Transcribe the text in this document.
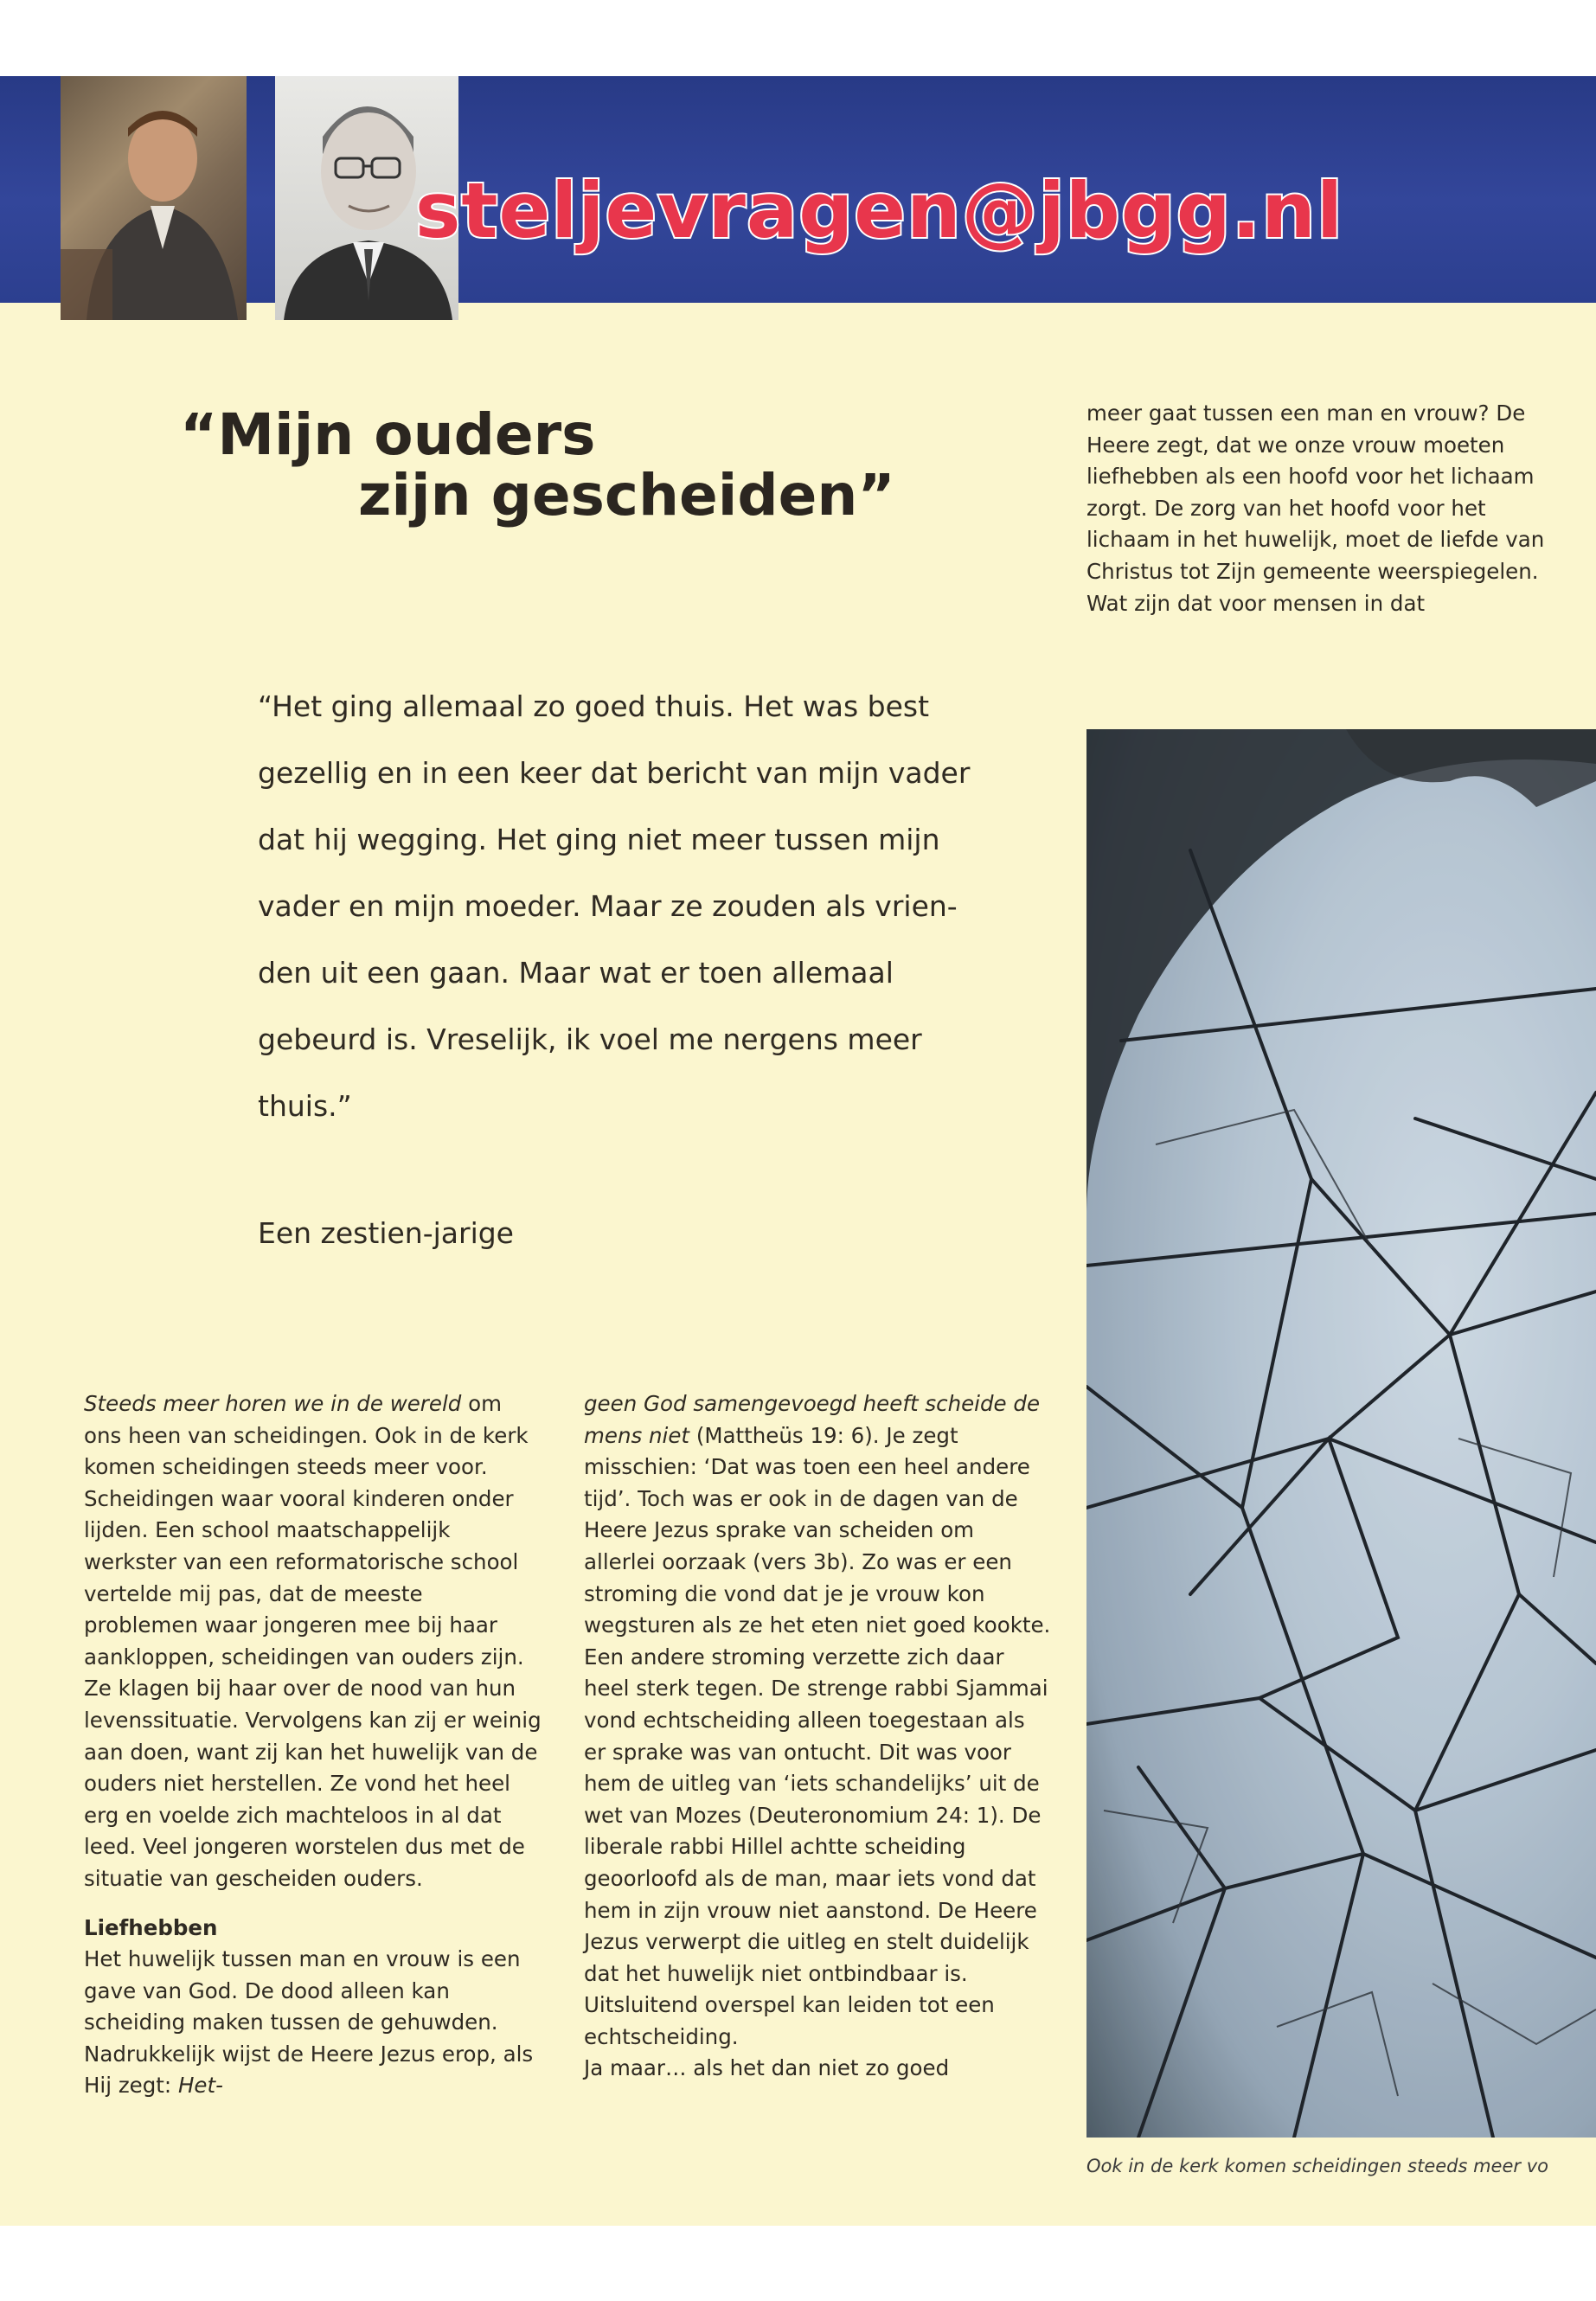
steljevragen@jbgg.nl
“Mijn ouders
zijn gescheiden”
“Het ging allemaal zo goed thuis. Het was best
gezellig en in een keer dat bericht van mijn vader
dat hij wegging. Het ging niet meer tussen mijn
vader en mijn moeder. Maar ze zouden als vrien-
den uit een gaan. Maar wat er toen allemaal
gebeurd is. Vreselijk, ik voel me nergens meer
thuis.”
Een zestien-jarige

Steeds meer horen we in de wereld om ons heen van scheidingen. Ook in de kerk komen scheidingen steeds meer voor. Scheidingen waar vooral kinderen onder lijden. Een school maatschappelijk werkster van een reformatorische school vertelde mij pas, dat de meeste problemen waar jongeren mee bij haar aankloppen, scheidingen van ouders zijn. Ze klagen bij haar over de nood van hun levenssituatie. Vervolgens kan zij er weinig aan doen, want zij kan het huwelijk van de ouders niet herstellen. Ze vond het heel erg en voelde zich machteloos in al dat leed. Veel jongeren worstelen dus met de situatie van gescheiden ouders.

Liefhebben

Het huwelijk tussen man en vrouw is een gave van God. De dood alleen kan scheiding maken tussen de gehuwden. Nadrukkelijk wijst de Heere Jezus erop, als Hij zegt: Het-

geen God samengevoegd heeft scheide de mens niet (Mattheüs 19: 6). Je zegt misschien: ‘Dat was toen een heel andere tijd’. Toch was er ook in de dagen van de Heere Jezus sprake van scheiden om allerlei oorzaak (vers 3b). Zo was er een stroming die vond dat je je vrouw kon wegsturen als ze het eten niet goed kookte. Een andere stroming verzette zich daar heel sterk tegen. De strenge rabbi Sjammai vond echtscheiding alleen toegestaan als er sprake was van ontucht. Dit was voor hem de uitleg van ‘iets schandelijks’ uit de wet van Mozes (Deuteronomium 24: 1). De liberale rabbi Hillel achtte scheiding geoorloofd als de man, maar iets vond dat hem in zijn vrouw niet aanstond. De Heere Jezus verwerpt die uitleg en stelt duidelijk dat het huwelijk niet ontbindbaar is. Uitsluitend overspel kan leiden tot een echtscheiding.

Ja maar… als het dan niet zo goed

meer gaat tussen een man en vrouw? De Heere zegt, dat we onze vrouw moeten liefhebben als een hoofd voor het lichaam zorgt. De zorg van het hoofd voor het lichaam in het huwelijk, moet de liefde van Christus tot Zijn gemeente weerspiegelen.

Wat zijn dat voor mensen in dat

Ook in de kerk komen scheidingen steeds meer vo
